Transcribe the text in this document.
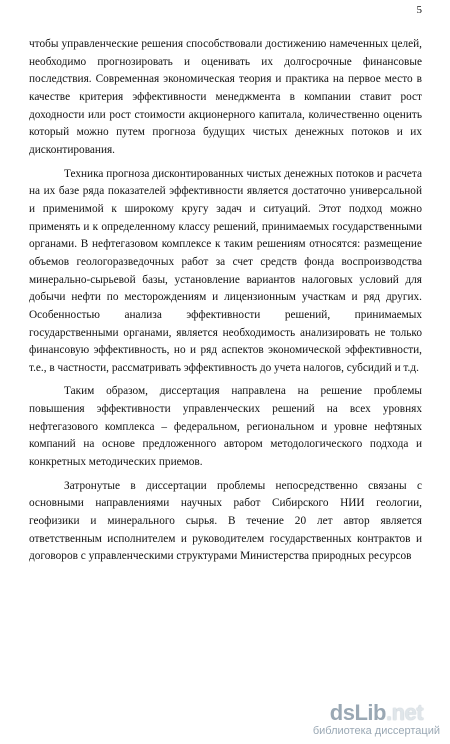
5

чтобы управленческие решения способствовали достижению намеченных целей, необходимо прогнозировать и оценивать их долгосрочные финансовые последствия. Современная экономическая теория и практика на первое место в качестве критерия эффективности менеджмента в компании ставит рост доходности или рост стоимости акционерного капитала, количественно оценить который можно путем прогноза будущих чистых денежных потоков и их дисконтирования.

Техника прогноза дисконтированных чистых денежных потоков и расчета на их базе ряда показателей эффективности является достаточно универсальной и применимой к широкому кругу задач и ситуаций. Этот подход можно применять и к определенному классу решений, принимаемых государственными органами. В нефтегазовом комплексе к таким решениям относятся: размещение объемов геологоразведочных работ за счет средств фонда воспроизводства минерально-сырьевой базы, установление вариантов налоговых условий для добычи нефти по месторождениям и лицензионным участкам и ряд других. Особенностью анализа эффективности решений, принимаемых государственными органами, является необходимость анализировать не только финансовую эффективность, но и ряд аспектов экономической эффективности, т.е., в частности, рассматривать эффективность до учета налогов, субсидий и т.д.

Таким образом, диссертация направлена на решение проблемы повышения эффективности управленческих решений на всех уровнях нефтегазового комплекса – федеральном, региональном и уровне нефтяных компаний на основе предложенного автором методологического подхода и конкретных методических приемов.

Затронутые в диссертации проблемы непосредственно связаны с основными направлениями научных работ Сибирского НИИ геологии, геофизики и минерального сырья. В течение 20 лет автор является ответственным исполнителем и руководителем государственных контрактов и договоров с управленческими структурами Министерства природных ресурсов

dsLib.net
библиотека диссертаций
